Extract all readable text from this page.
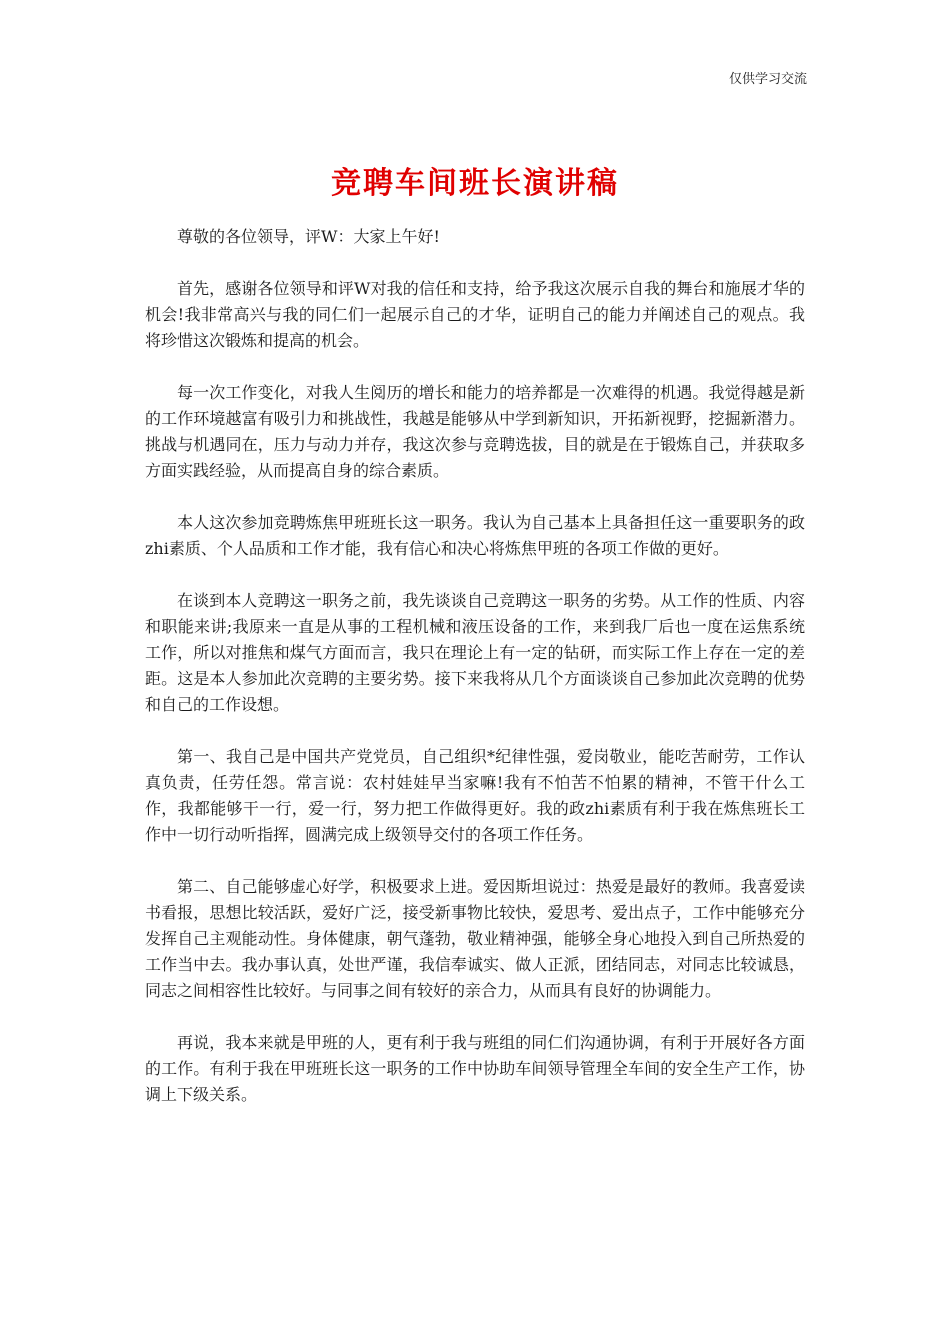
仅供学习交流
竞聘车间班长演讲稿

尊敬的各位领导，评W：大家上午好!

首先，感谢各位领导和评W对我的信任和支持，给予我这次展示自我的舞台和施展才华的机会!我非常高兴与我的同仁们一起展示自己的才华，证明自己的能力并阐述自己的观点。我将珍惜这次锻炼和提高的机会。

每一次工作变化，对我人生阅历的增长和能力的培养都是一次难得的机遇。我觉得越是新的工作环境越富有吸引力和挑战性，我越是能够从中学到新知识，开拓新视野，挖掘新潜力。挑战与机遇同在，压力与动力并存，我这次参与竞聘选拔，目的就是在于锻炼自己，并获取多方面实践经验，从而提高自身的综合素质。

本人这次参加竞聘炼焦甲班班长这一职务。我认为自己基本上具备担任这一重要职务的政zhi素质、个人品质和工作才能，我有信心和决心将炼焦甲班的各项工作做的更好。

在谈到本人竞聘这一职务之前，我先谈谈自己竞聘这一职务的劣势。从工作的性质、内容和职能来讲;我原来一直是从事的工程机械和液压设备的工作，来到我厂后也一度在运焦系统工作，所以对推焦和煤气方面而言，我只在理论上有一定的钻研，而实际工作上存在一定的差距。这是本人参加此次竞聘的主要劣势。接下来我将从几个方面谈谈自己参加此次竞聘的优势和自己的工作设想。

第一、我自己是中国共产党党员，自己组织*纪律性强，爱岗敬业，能吃苦耐劳，工作认真负责，任劳任怨。常言说：农村娃娃早当家嘛!我有不怕苦不怕累的精神，不管干什么工作，我都能够干一行，爱一行，努力把工作做得更好。我的政zhi素质有利于我在炼焦班长工作中一切行动听指挥，圆满完成上级领导交付的各项工作任务。

第二、自己能够虚心好学，积极要求上进。爱因斯坦说过：热爱是最好的教师。我喜爱读书看报，思想比较活跃，爱好广泛，接受新事物比较快，爱思考、爱出点子，工作中能够充分发挥自己主观能动性。身体健康，朝气蓬勃，敬业精神强，能够全身心地投入到自己所热爱的工作当中去。我办事认真，处世严谨，我信奉诚实、做人正派，团结同志，对同志比较诚恳，同志之间相容性比较好。与同事之间有较好的亲合力，从而具有良好的协调能力。

再说，我本来就是甲班的人，更有利于我与班组的同仁们沟通协调，有利于开展好各方面的工作。有利于我在甲班班长这一职务的工作中协助车间领导管理全车间的安全生产工作，协调上下级关系。
